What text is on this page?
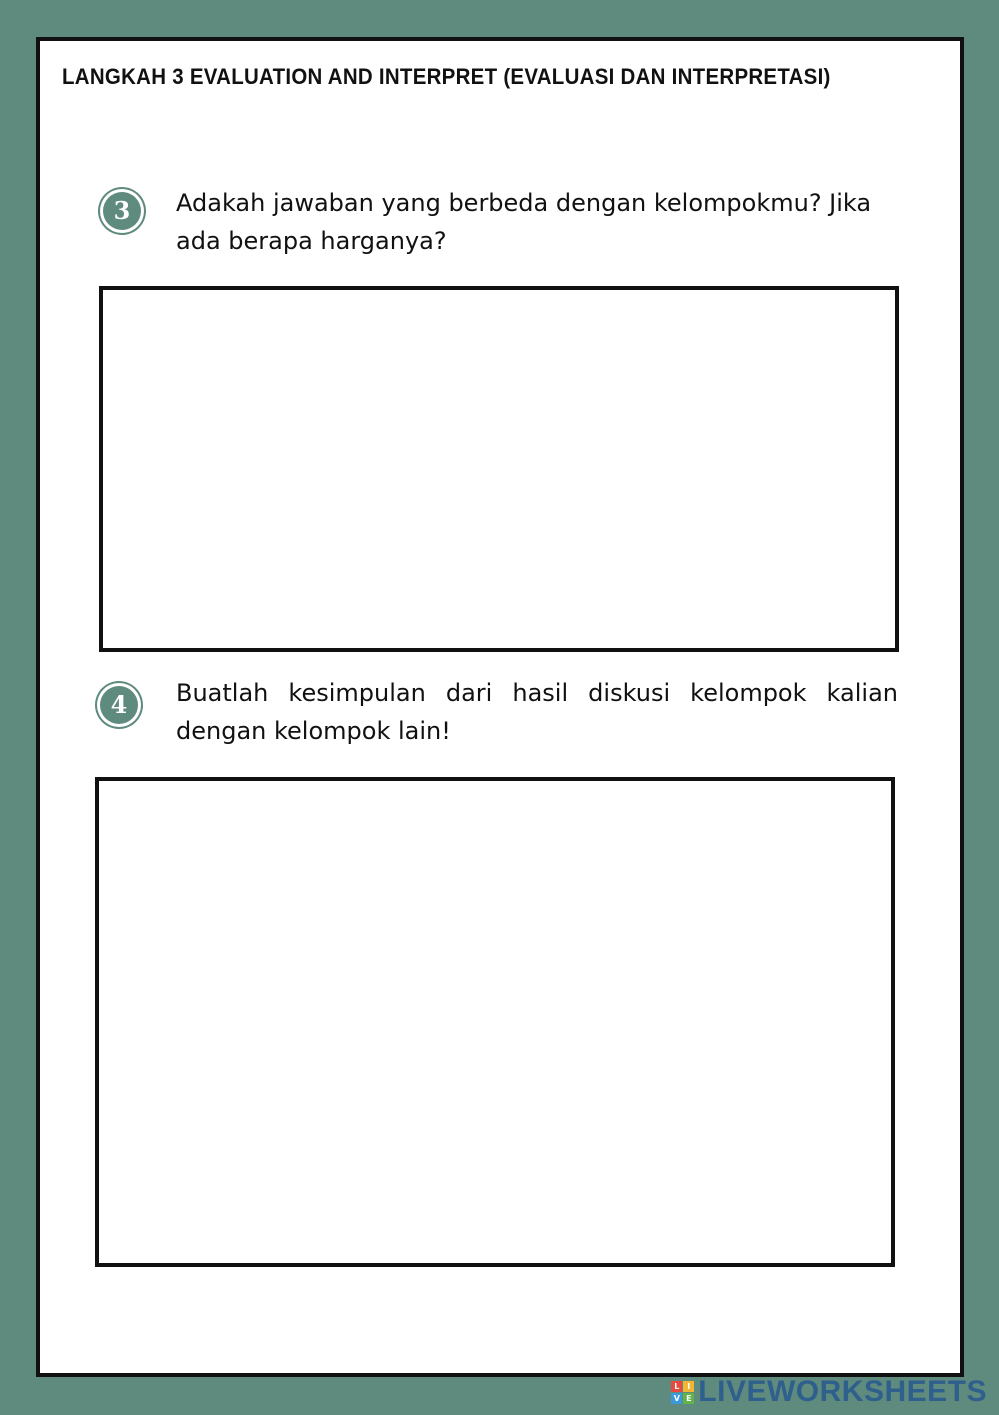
LANGKAH 3 EVALUATION AND INTERPRET (EVALUASI DAN INTERPRETASI)
3	Adakah jawaban yang berbeda dengan kelompokmu? Jika ada berapa harganya?
4	Buatlah kesimpulan dari hasil diskusi kelompok kalian dengan kelompok lain!
L I
V E LIVEWORKSHEETS
